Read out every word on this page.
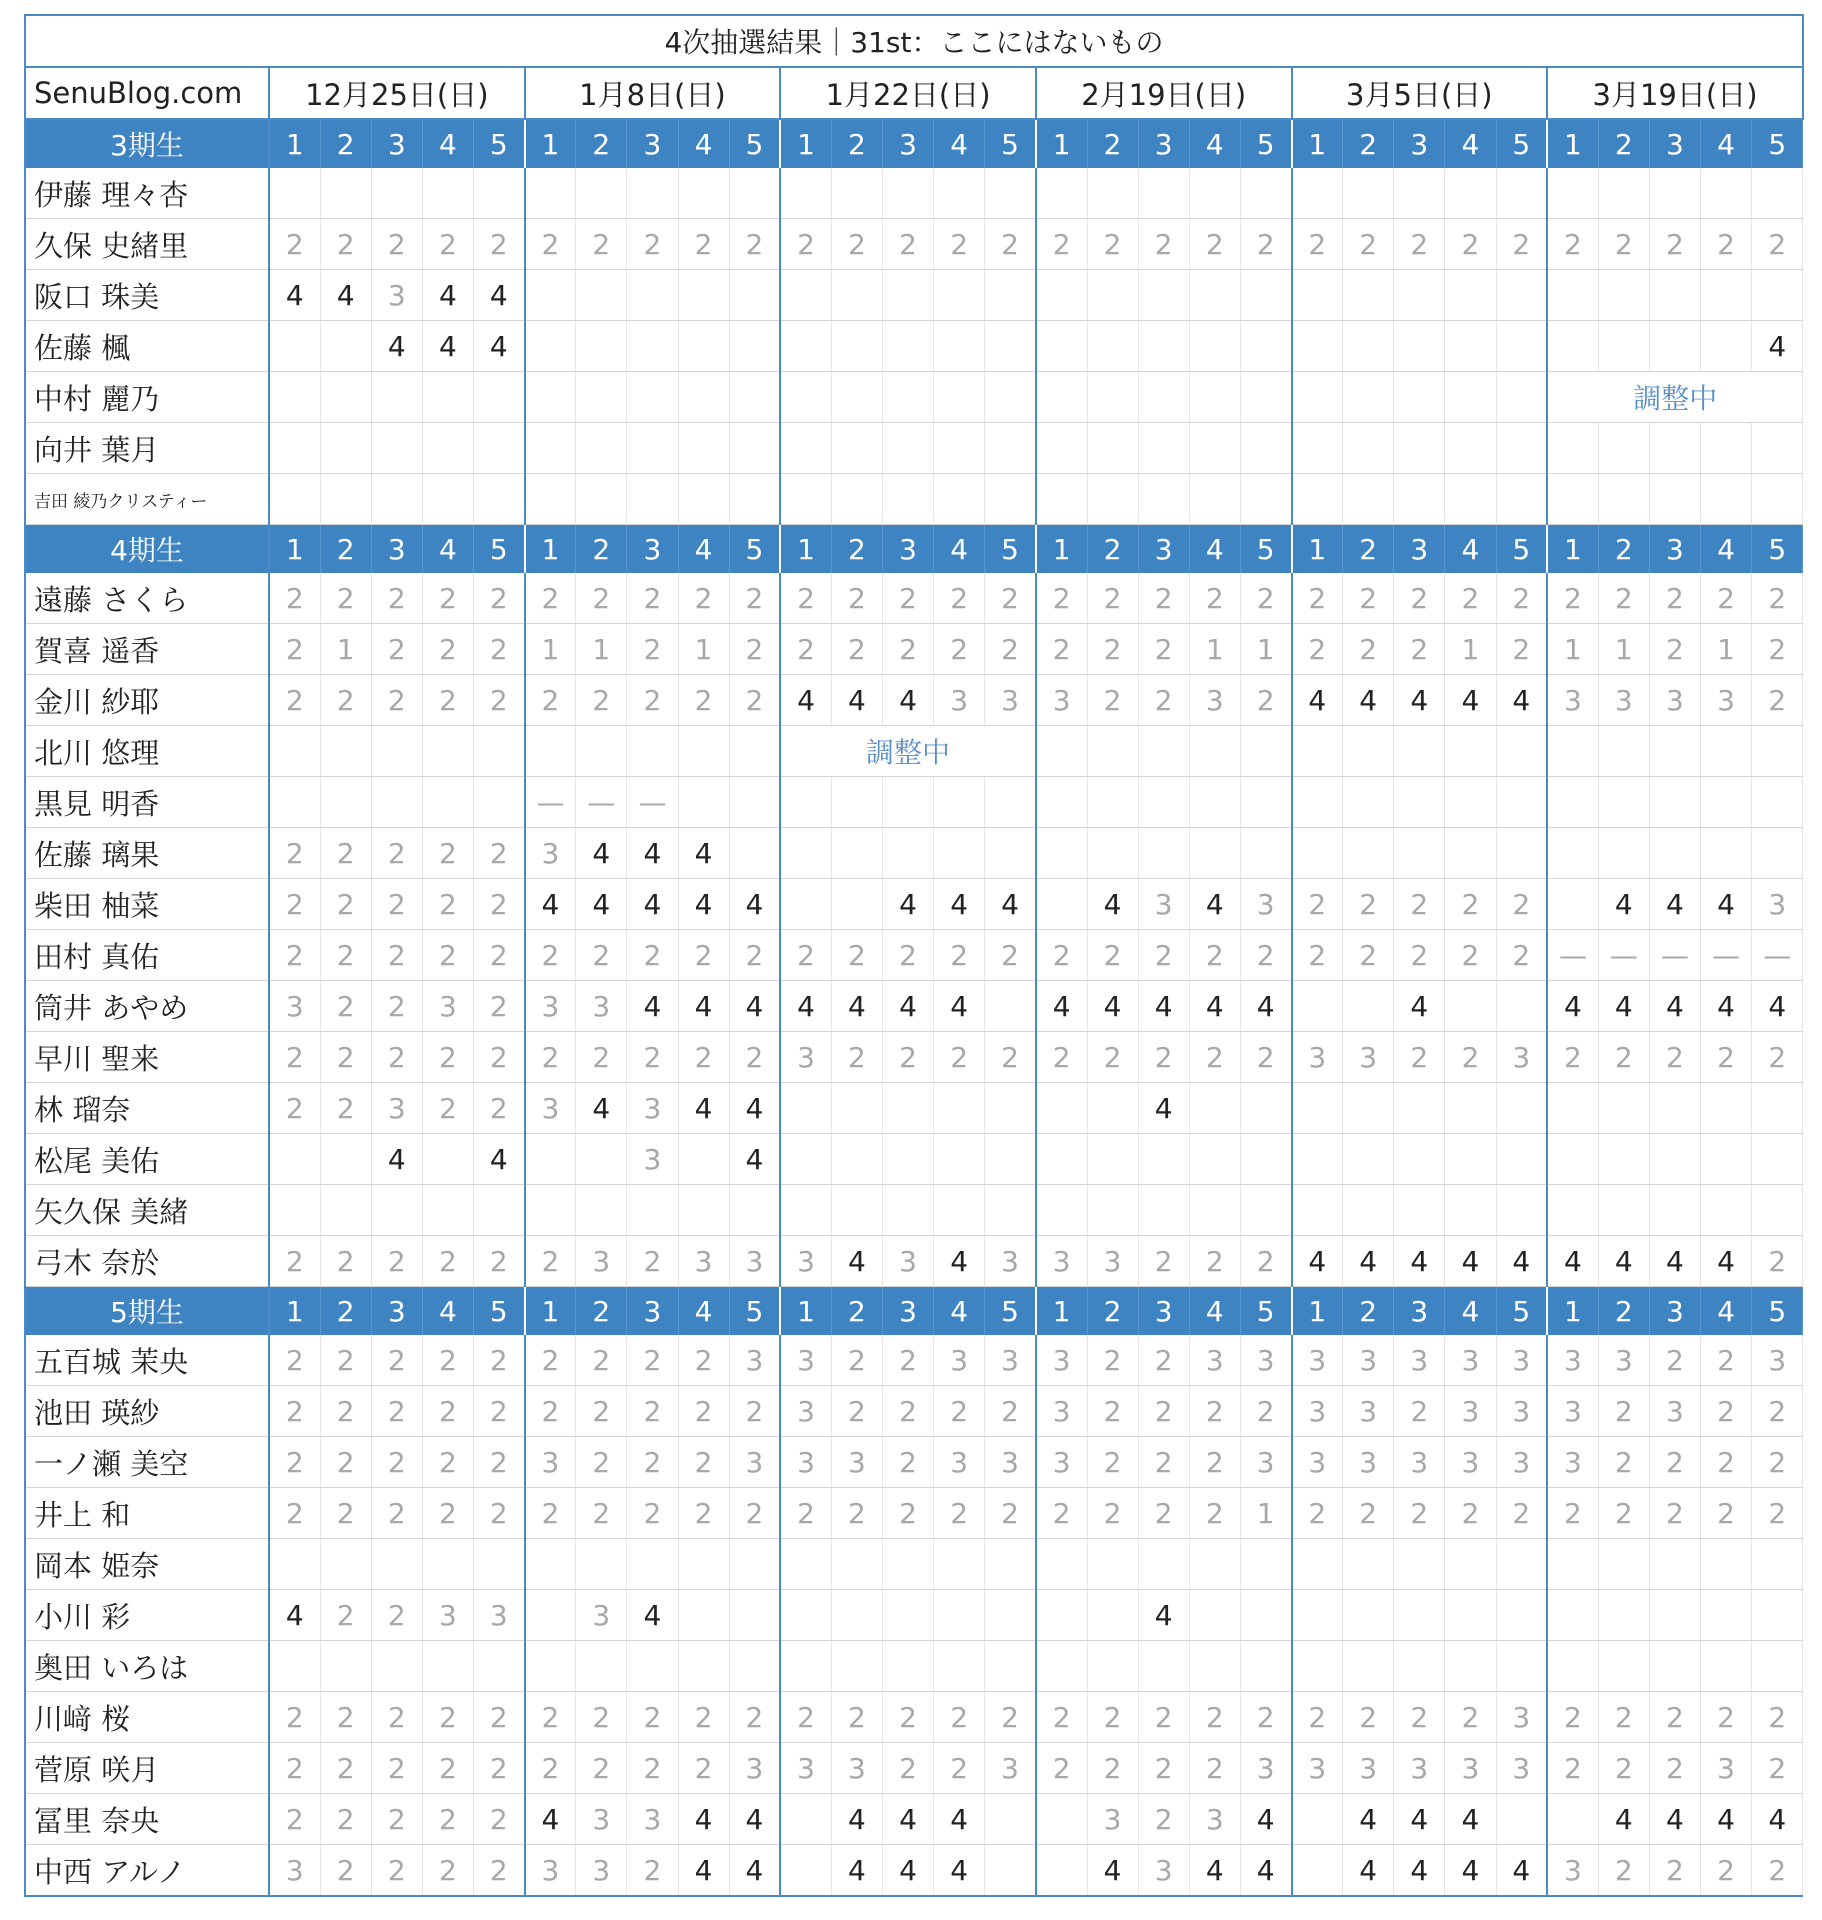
4次抽選結果｜31st：ここにはないもの																														
SenuBlog.com	12月25日(日)					1月8日(日)					1月22日(日)					2月19日(日)					3月5日(日)					3月19日(日)				
3期生	1	2	3	4	5	1	2	3	4	5	1	2	3	4	5	1	2	3	4	5	1	2	3	4	5	1	2	3	4	5
伊藤 理々杏																														
久保 史緒里	2	2	2	2	2	2	2	2	2	2	2	2	2	2	2	2	2	2	2	2	2	2	2	2	2	2	2	2	2	2
阪口 珠美	4	4	3	4	4																									
佐藤 楓			4	4	4																									4
中村 麗乃																										調整中				
向井 葉月																														
吉田 綾乃クリスティー																														
4期生	1	2	3	4	5	1	2	3	4	5	1	2	3	4	5	1	2	3	4	5	1	2	3	4	5	1	2	3	4	5
遠藤 さくら	2	2	2	2	2	2	2	2	2	2	2	2	2	2	2	2	2	2	2	2	2	2	2	2	2	2	2	2	2	2
賀喜 遥香	2	1	2	2	2	1	1	2	1	2	2	2	2	2	2	2	2	2	1	1	2	2	2	1	2	1	1	2	1	2
金川 紗耶	2	2	2	2	2	2	2	2	2	2	4	4	4	3	3	3	2	2	3	2	4	4	4	4	4	3	3	3	3	2
北川 悠理											調整中																			
黒見 明香						—	—	—																						
佐藤 璃果	2	2	2	2	2	3	4	4	4																					
柴田 柚菜	2	2	2	2	2	4	4	4	4	4			4	4	4		4	3	4	3	2	2	2	2	2		4	4	4	3
田村 真佑	2	2	2	2	2	2	2	2	2	2	2	2	2	2	2	2	2	2	2	2	2	2	2	2	2	—	—	—	—	—
筒井 あやめ	3	2	2	3	2	3	3	4	4	4	4	4	4	4		4	4	4	4	4			4			4	4	4	4	4
早川 聖来	2	2	2	2	2	2	2	2	2	2	3	2	2	2	2	2	2	2	2	2	3	3	2	2	3	2	2	2	2	2
林 瑠奈	2	2	3	2	2	3	4	3	4	4								4												
松尾 美佑			4		4			3		4																				
矢久保 美緒																														
弓木 奈於	2	2	2	2	2	2	3	2	3	3	3	4	3	4	3	3	3	2	2	2	4	4	4	4	4	4	4	4	4	2
5期生	1	2	3	4	5	1	2	3	4	5	1	2	3	4	5	1	2	3	4	5	1	2	3	4	5	1	2	3	4	5
五百城 茉央	2	2	2	2	2	2	2	2	2	3	3	2	2	3	3	3	2	2	3	3	3	3	3	3	3	3	3	2	2	3
池田 瑛紗	2	2	2	2	2	2	2	2	2	2	3	2	2	2	2	3	2	2	2	2	3	3	2	3	3	3	2	3	2	2
一ノ瀬 美空	2	2	2	2	2	3	2	2	2	3	3	3	2	3	3	3	2	2	2	3	3	3	3	3	3	3	2	2	2	2
井上 和	2	2	2	2	2	2	2	2	2	2	2	2	2	2	2	2	2	2	2	1	2	2	2	2	2	2	2	2	2	2
岡本 姫奈																														
小川 彩	4	2	2	3	3		3	4										4												
奥田 いろは																														
川﨑 桜	2	2	2	2	2	2	2	2	2	2	2	2	2	2	2	2	2	2	2	2	2	2	2	2	3	2	2	2	2	2
菅原 咲月	2	2	2	2	2	2	2	2	2	3	3	3	2	2	3	2	2	2	2	3	3	3	3	3	3	2	2	2	3	2
冨里 奈央	2	2	2	2	2	4	3	3	4	4		4	4	4			3	2	3	4		4	4	4			4	4	4	4
中西 アルノ	3	2	2	2	2	3	3	2	4	4		4	4	4			4	3	4	4		4	4	4	4	3	2	2	2	2
